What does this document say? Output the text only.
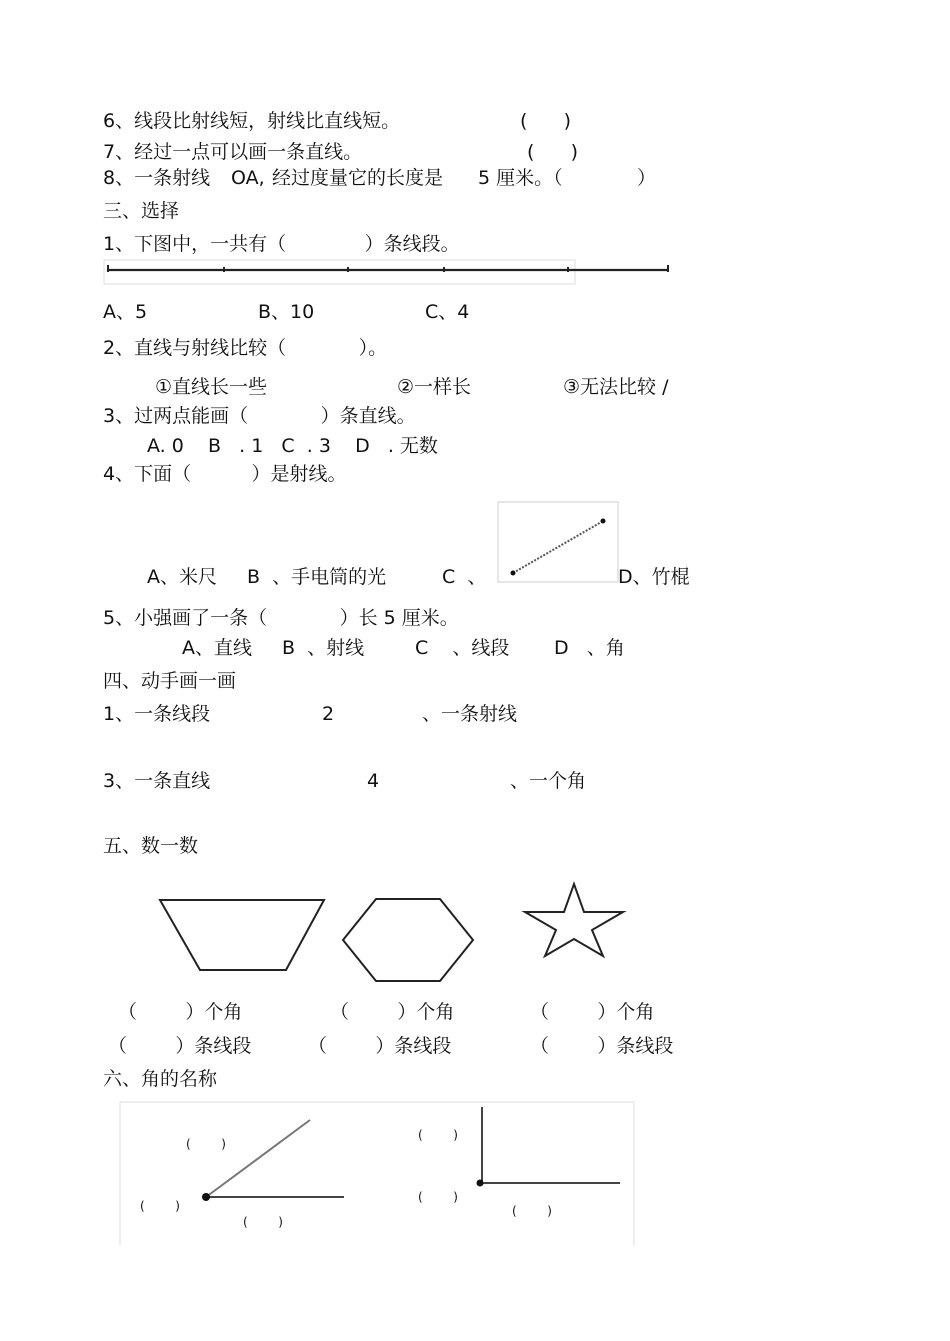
6、线段比射线短，射线比直线短。	(      )
7、经过一点可以画一条直线。	(      )
8、一条射线 OA, 经过度量它的长度是 5 厘米。（	）
三、选择
1、下图中，一共有（             ）条线段。
A、5	B、10	C、4
2、直线与射线比较（            ）。
①直线长一些	②一样长	③无法比较 /
3、过两点能画（            ）条直线。
A. 0    B   . 1   C  . 3    D   . 无数
4、下面（          ）是射线。
A、米尺 B  、手电筒的光	C  、	D、竹棍
5、小强画了一条（            ）长 5 厘米。
A、直线 B  、射线	C    、线段 D   、角
四、动手画一画
1、一条线段	2	、一条射线
3、一条直线	4	、一个角
五、数一数
（        ）个角	（        ）个角	（        ）个角
（        ）条线段	（        ）条线段	（        ）条线段
六、角的名称
(        )
(        )
(        )
(        )
(        )
(        )
